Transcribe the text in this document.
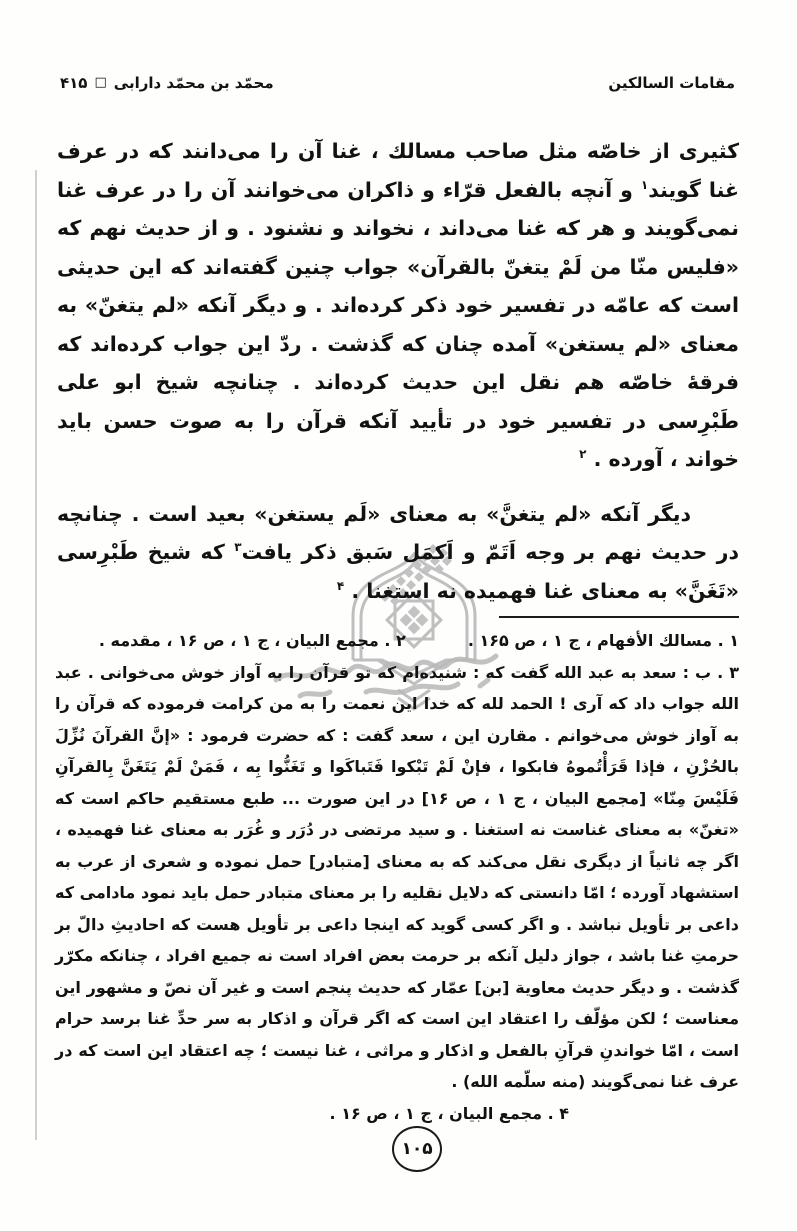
مقامات السالكين
محمّد بن محمّد دارابی
□
۴۱۵

كثیری از خاصّه مثل صاحب مسالك ، غنا آن را می‌دانند كه در عرف غنا گویند$^۱$ و آنچه بالفعل قرّاء و ذاكران می‌خوانند آن را در عرف غنا نمی‌گویند و هر كه غنا می‌داند ، نخواند و نشنود . و از حدیث نهم كه «فلیس منّا من لَمْ یتغنّ بالقرآن» جواب چنین گفته‌اند كه این حدیثی است كه عامّه در تفسیر خود ذكر كرده‌اند . و دیگر آنكه «لم یتغنّ» به معنای «لم یستغن» آمده چنان كه گذشت . ردّ این جواب كرده‌اند كه فرقهٔ خاصّه هم نقل این حدیث كرده‌اند . چنانچه شیخ ابو علی طَبْرِسی در تفسیر خود در تأیید آنكه قرآن را به صوت حسن باید خواند ، آورده . $^۲$

دیگر آنكه «لم یتغنَّ» به معنای «لَم یستغن» بعید است . چنانچه در حدیث نهم بر وجه اَتَمّ و اَكمَل سَبق ذكر یافت$^۳$ كه شیخ طَبْرِسی «تَغَنَّ» به معنای غنا فهمیده نه استغنا . $^۴$

۱ . مسالك الأفهام ، ج ۱ ، ص ۱۶۵ .
۲ . مجمع البیان ، ج ۱ ، ص ۱۶ ، مقدمه .

۳ . ب : سعد به عبد الله گفت كه : شنیده‌ام كه تو قرآن را به آواز خوش می‌خوانی . عبد الله جواب داد كه آری ! الحمد لله كه خدا این نعمت را به من كرامت فرموده كه قرآن را به آواز خوش می‌خوانم . مقارن این ، سعد گفت : كه حضرت فرمود : «إنَّ القرآنَ نُزِّلَ بالحُزْنِ ، فإذا قَرَأْتُموهُ فابكوا ، فإنْ لَمْ تَبْكوا فَتَباكَوا و تَغَنُّوا بِه ، فَمَنْ لَمْ یَتَغَنَّ بِالقرآنِ فَلَیْسَ مِنّا» [مجمع البیان ، ج ۱ ، ص ۱۶] در این صورت ... طبع مستقیم حاكم است كه «تغنّ» به معنای غناست نه استغنا . و سید مرتضی در دُرَر و غُرَر به معنای غنا فهمیده ، اگر چه ثانیاً از دیگری نقل می‌كند كه به معنای [متبادر] حمل نموده و شعری از عرب به استشهاد آورده ؛ امّا دانستی كه دلایل نقلیه را بر معنای متبادر حمل باید نمود مادامی كه داعی بر تأویل نباشد . و اگر كسی گوید كه اینجا داعی بر تأویل هست كه احادیثِ دالّ بر حرمتِ غنا باشد ، جواز دلیل آنكه بر حرمت بعض افراد است نه جمیع افراد ، چنانكه مكرّر گذشت . و دیگر حدیث معاویة [بن] عمّار كه حدیث پنجم است و غیر آن نصّ و مشهور این معناست ؛ لكن مؤلّف را اعتقاد این است كه اگر قرآن و اذكار به سر حدِّ غنا برسد حرام است ، امّا خواندنِ قرآنِ بالفعل و اذكار و مراثی ، غنا نیست ؛ چه اعتقاد این است كه در عرف غنا نمی‌گویند (منه سلّمه الله) .

۴ . مجمع البیان ، ج ۱ ، ص ۱۶ .

۱۰۵
